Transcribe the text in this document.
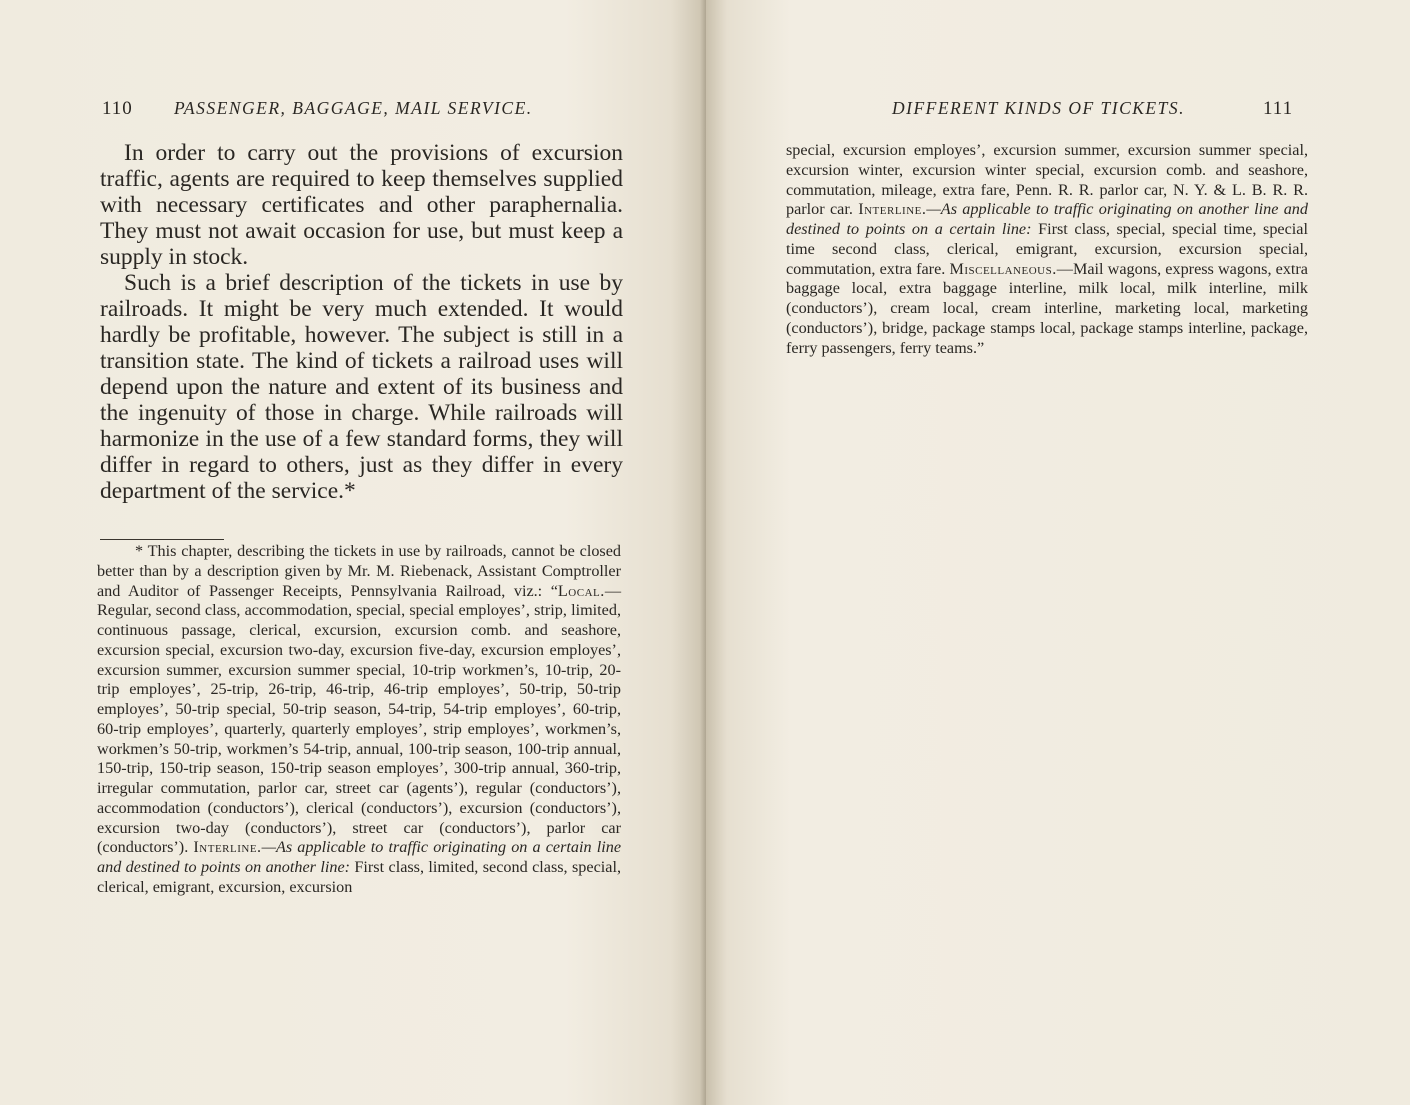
110 PASSENGER, BAGGAGE, MAIL SERVICE.

In order to carry out the provisions of excursion traffic, agents are required to keep themselves supplied with necessary certificates and other paraphernalia. They must not await occasion for use, but must keep a supply in stock.

Such is a brief description of the tickets in use by railroads. It might be very much extended. It would hardly be profitable, however. The subject is still in a transition state. The kind of tickets a railroad uses will depend upon the nature and extent of its business and the ingenuity of those in charge. While railroads will harmonize in the use of a few standard forms, they will differ in regard to others, just as they differ in every department of the service.*

* This chapter, describing the tickets in use by railroads, cannot be closed better than by a description given by Mr. M. Riebenack, Assistant Comptroller and Auditor of Passenger Receipts, Pennsylvania Railroad, viz.: “Local.—Regular, second class, accommodation, special, special employes’, strip, limited, continuous passage, clerical, excursion, excursion comb. and seashore, excursion special, excursion two-day, excursion five-day, excursion employes’, excursion summer, excursion summer special, 10-trip workmen’s, 10-trip, 20-trip employes’, 25-trip, 26-trip, 46-trip, 46-trip employes’, 50-trip, 50-trip employes’, 50-trip special, 50-trip season, 54-trip, 54-trip employes’, 60-trip, 60-trip employes’, quarterly, quarterly employes’, strip employes’, workmen’s, workmen’s 50-trip, workmen’s 54-trip, annual, 100-trip season, 100-trip annual, 150-trip, 150-trip season, 150-trip season employes’, 300-trip annual, 360-trip, irregular commutation, parlor car, street car (agents’), regular (conductors’), accommodation (conductors’), clerical (conductors’), excursion (conductors’), excursion two-day (conductors’), street car (conductors’), parlor car (conductors’). Interline.—As applicable to traffic originating on a certain line and destined to points on another line: First class, limited, second class, special, clerical, emigrant, excursion, excursion
DIFFERENT KINDS OF TICKETS.	111
special, excursion employes’, excursion summer, excursion summer special, excursion winter, excursion winter special, excursion comb. and seashore, commutation, mileage, extra fare, Penn. R. R. parlor car, N. Y. & L. B. R. R. parlor car. Interline.—As applicable to traffic originating on another line and destined to points on a certain line: First class, special, special time, special time second class, clerical, emigrant, excursion, excursion special, commutation, extra fare. Miscellaneous.—Mail wagons, express wagons, extra baggage local, extra baggage interline, milk local, milk interline, milk (conductors’), cream local, cream interline, marketing local, marketing (conductors’), bridge, package stamps local, package stamps interline, package, ferry passengers, ferry teams.”
